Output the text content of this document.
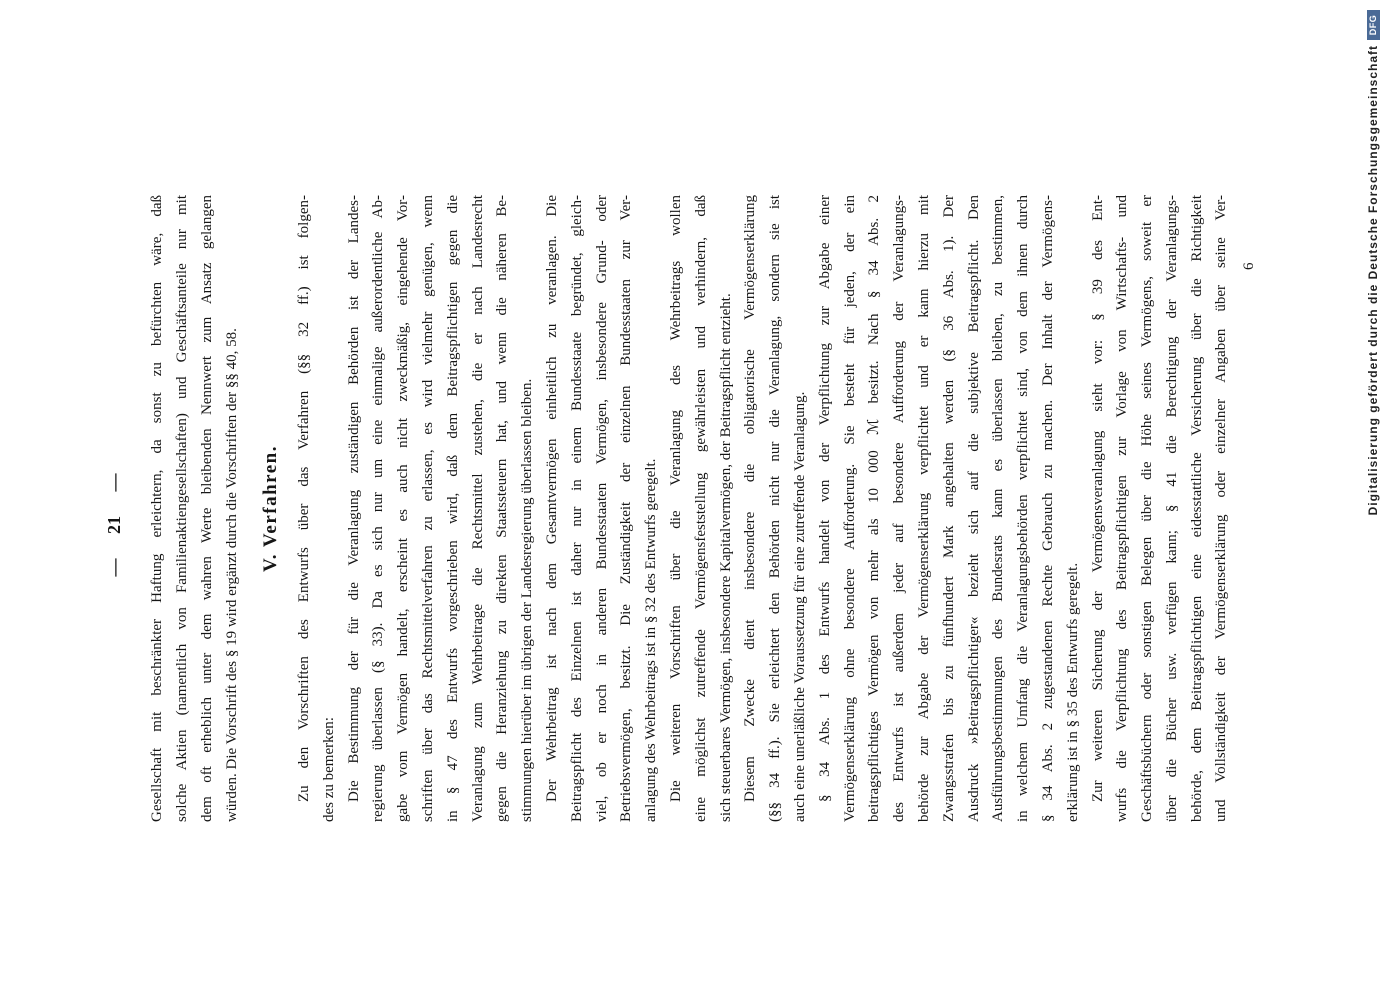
— 21 — Gesellschaft mit beschränkter Haftung erleichtern, da sonst zu befürchten wäre, daß solche Aktien (namentlich von Familienaktiengesellschaften) und Geschäftsanteile nur mit dem oft erheblich unter dem wahren Werte bleibenden Nennwert zum Ansatz gelangen würden. Die Vorschrift des § 19 wird ergänzt durch die Vorschriften der §§ 40, 58. V. Verfahren. Zu den Vorschriften des Entwurfs über das Verfahren (§§ 32 ff.) ist folgen- des zu bemerken: Die Bestimmung der für die Veranlagung zuständigen Behörden ist der Landes- regierung überlassen (§ 33). Da es sich nur um eine einmalige außerordentliche Ab- gabe vom Vermögen handelt, erscheint es auch nicht zweckmäßig, eingehende Vor- schriften über das Rechtsmittelverfahren zu erlassen, es wird vielmehr genügen, wenn in § 47 des Entwurfs vorgeschrieben wird, daß dem Beitragspflichtigen gegen die Veranlagung zum Wehrbeitrage die Rechtsmittel zustehen, die er nach Landesrecht gegen die Heranziehung zu direkten Staatssteuern hat, und wenn die näheren Be- stimmungen hierüber im übrigen der Landesregierung überlassen bleiben. Der Wehrbeitrag ist nach dem Gesamtvermögen einheitlich zu veranlagen. Die Beitragspflicht des Einzelnen ist daher nur in einem Bundesstaate begründet, gleich- viel, ob er noch in anderen Bundesstaaten Vermögen, insbesondere Grund- oder Betriebsvermögen, besitzt. Die Zuständigkeit der einzelnen Bundesstaaten zur Ver- anlagung des Wehrbeitrags ist in § 32 des Entwurfs geregelt. Die weiteren Vorschriften über die Veranlagung des Wehrbeitrags wollen eine möglichst zutreffende Vermögensfeststellung gewährleisten und verhindern, daß sich steuerbares Vermögen, insbesondere Kapitalvermögen, der Beitragspflicht entzieht. Diesem Zwecke dient insbesondere die obligatorische Vermögenserklärung (§§ 34 ff.). Sie erleichtert den Behörden nicht nur die Veranlagung, sondern sie ist auch eine unerläßliche Voraussetzung für eine zutreffende Veranlagung. § 34 Abs. 1 des Entwurfs handelt von der Verpflichtung zur Abgabe einer Vermögenserklärung ohne besondere Aufforderung. Sie besteht für jeden, der ein beitragspflichtiges Vermögen von mehr als 10 000 ℳ besitzt. Nach § 34 Abs. 2 des Entwurfs ist außerdem jeder auf besondere Aufforderung der Veranlagungs- behörde zur Abgabe der Vermögenserklärung verpflichtet und er kann hierzu mit Zwangsstrafen bis zu fünfhundert Mark angehalten werden (§ 36 Abs. 1). Der Ausdruck »Beitragspflichtiger« bezieht sich auf die subjektive Beitragspflicht. Den Ausführungsbestimmungen des Bundesrats kann es überlassen bleiben, zu bestimmen, in welchem Umfang die Veranlagungsbehörden verpflichtet sind, von dem ihnen durch § 34 Abs. 2 zugestandenen Rechte Gebrauch zu machen. Der Inhalt der Vermögens- erklärung ist in § 35 des Entwurfs geregelt. Zur weiteren Sicherung der Vermögensveranlagung sieht vor: § 39 des Ent- wurfs die Verpflichtung des Beitragspflichtigen zur Vorlage von Wirtschafts- und Geschäftsbüchern oder sonstigen Belegen über die Höhe seines Vermögens, soweit er über die Bücher usw. verfügen kann; § 41 die Berechtigung der Veranlagungs- behörde, dem Beitragspflichtigen eine eidesstattliche Versicherung über die Richtigkeit und Vollständigkeit der Vermögenserklärung oder einzelner Angaben über seine Ver- 6	Digitalisierung gefördert durch die Deutsche Forschungsgemeinschaft
DFG
